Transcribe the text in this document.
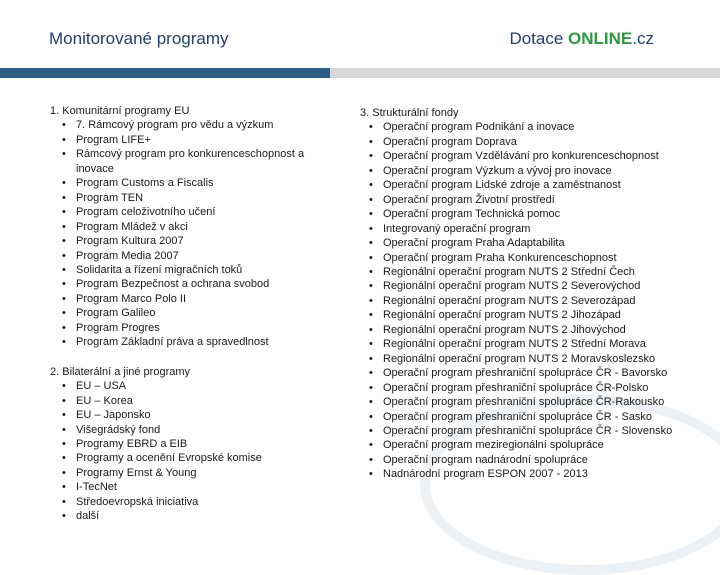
Monitorované programy	Dotace ONLINE.cz
1. Komunitární programy EU
• 7. Rámcový program pro vědu a výzkum
• Program LIFE+
• Rámcový program pro konkurenceschopnost a inovace
• Program Customs a Fiscalis
• Program TEN
• Program celoživotního učení
• Program Mládež v akci
• Program Kultura 2007
• Program Media 2007
• Solidarita a řízení migračních toků
• Program Bezpečnost a ochrana svobod
• Program Marco Polo II
• Program Galileo
• Program Progres
• Program Základní práva a spravedlnost
2. Bilaterální a jiné programy
• EU – USA
• EU – Korea
• EU – Japonsko
• Višegrádský fond
• Programy EBRD a EIB
• Programy a ocenění Evropské komise
• Programy Ernst & Young
• I-TecNet
• Středoevropská iniciativa
• další
3. Strukturální fondy
• Operační program Podnikání a inovace
• Operační program Doprava
• Operační program Vzdělávání pro konkurenceschopnost
• Operační program Výzkum a vývoj pro inovace
• Operační program Lidské zdroje a zaměstnanost
• Operační program Životní prostředí
• Operační program Technická pomoc
• Integrovaný operační program
• Operační program Praha Adaptabilita
• Operační program Praha Konkurenceschopnost
• Regionální operační program NUTS 2 Střední Čech
• Regionální operační program NUTS 2 Severovýchod
• Regionální operační program NUTS 2 Severozápad
• Regionální operační program NUTS 2 Jihozápad
• Regionální operační program NUTS 2 Jihovýchod
• Regionální operační program NUTS 2 Střední Morava
• Regionální operační program NUTS 2 Moravskoslezsko
• Operační program přeshraniční spolupráce ČR - Bavorsko
• Operační program přeshraniční spolupráce ČR-Polsko
• Operační program přeshraniční spolupráce ČR-Rakousko
• Operační program přeshraniční spolupráce ČR - Sasko
• Operační program přeshraniční spolupráce ČR - Slovensko
• Operační program meziregionální spolupráce
• Operační program nadnárodní spolupráce
• Nadnárodní program ESPON 2007 - 2013
